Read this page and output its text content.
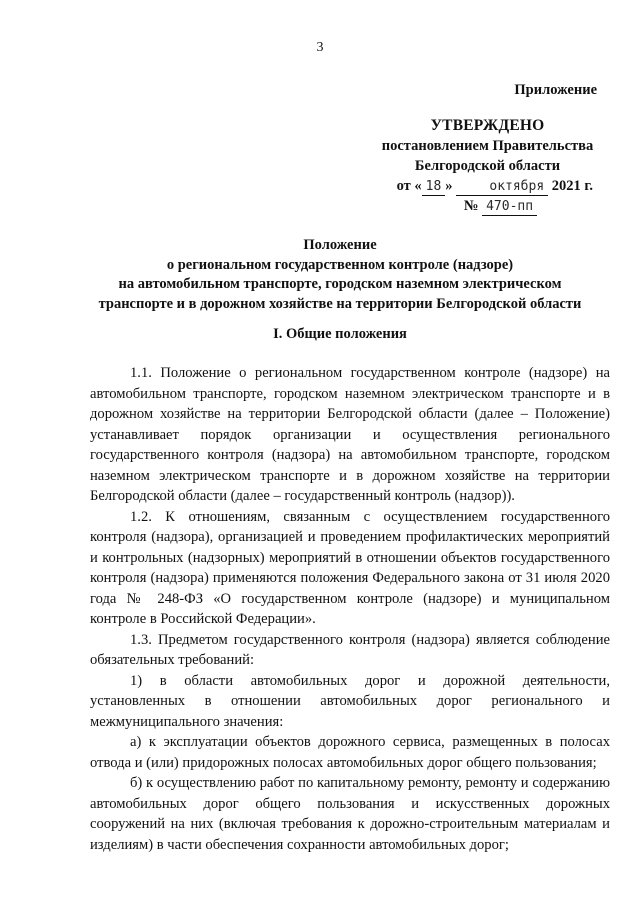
3
Приложение
УТВЕРЖДЕНО
постановлением Правительства
Белгородской области
от « 18 »	октября 2021 г.
№ 470-пп
Положение
о региональном государственном контроле (надзоре)
на автомобильном транспорте, городском наземном электрическом
транспорте и в дорожном хозяйстве на территории Белгородской области
I. Общие положения

1.1. Положение о региональном государственном контроле (надзоре) на автомобильном транспорте, городском наземном электрическом транспорте и в дорожном хозяйстве на территории Белгородской области (далее – Положение) устанавливает порядок организации и осуществления регионального государственного контроля (надзора) на автомобильном транспорте, городском наземном электрическом транспорте и в дорожном хозяйстве на территории Белгородской области (далее – государственный контроль (надзор)).

1.2. К отношениям, связанным с осуществлением государственного контроля (надзора), организацией и проведением профилактических мероприятий и контрольных (надзорных) мероприятий в отношении объектов государственного контроля (надзора) применяются положения Федерального закона от 31 июля 2020 года № 248-ФЗ «О государственном контроле (надзоре) и муниципальном контроле в Российской Федерации».

1.3. Предметом государственного контроля (надзора) является соблюдение обязательных требований:

1) в области автомобильных дорог и дорожной деятельности, установленных в отношении автомобильных дорог регионального и межмуниципального значения:

а) к эксплуатации объектов дорожного сервиса, размещенных в полосах отвода и (или) придорожных полосах автомобильных дорог общего пользования;

б) к осуществлению работ по капитальному ремонту, ремонту и содержанию автомобильных дорог общего пользования и искусственных дорожных сооружений на них (включая требования к дорожно-строительным материалам и изделиям) в части обеспечения сохранности автомобильных дорог;
